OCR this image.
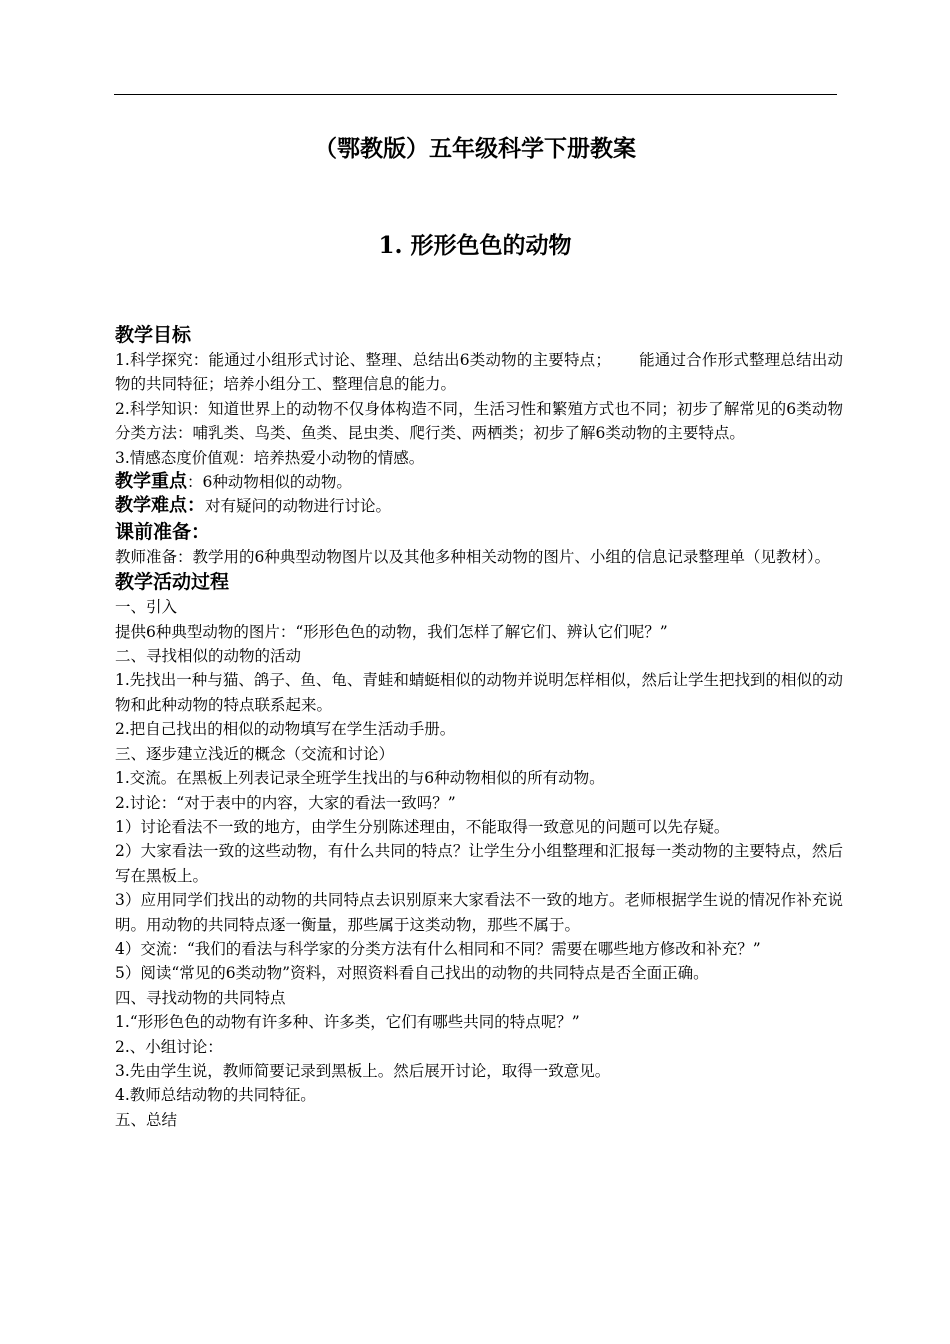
（鄂教版）五年级科学下册教案
1. 形形色色的动物
教学目标

1.科学探究：能通过小组形式讨论、整理、总结出6类动物的主要特点； 能通过合作形式整理总结出动物的共同特征；培养小组分工、整理信息的能力。

2.科学知识：知道世界上的动物不仅身体构造不同，生活习性和繁殖方式也不同；初步了解常见的6类动物分类方法：哺乳类、鸟类、鱼类、昆虫类、爬行类、两栖类；初步了解6类动物的主要特点。

3.情感态度价值观：培养热爱小动物的情感。

教学重点：6种动物相似的动物。

教学难点：对有疑问的动物进行讨论。

课前准备：

教师准备：教学用的6种典型动物图片以及其他多种相关动物的图片、小组的信息记录整理单（见教材）。

教学活动过程

一、引入

提供6种典型动物的图片：“形形色色的动物，我们怎样了解它们、辨认它们呢？”

二、寻找相似的动物的活动

1.先找出一种与猫、鸽子、鱼、龟、青蛙和蜻蜓相似的动物并说明怎样相似，然后让学生把找到的相似的动物和此种动物的特点联系起来。

2.把自己找出的相似的动物填写在学生活动手册。

三、逐步建立浅近的概念（交流和讨论）

1.交流。在黑板上列表记录全班学生找出的与6种动物相似的所有动物。

2.讨论：“对于表中的内容，大家的看法一致吗？”

1）讨论看法不一致的地方，由学生分别陈述理由，不能取得一致意见的问题可以先存疑。

2）大家看法一致的这些动物，有什么共同的特点？让学生分小组整理和汇报每一类动物的主要特点，然后写在黑板上。

3）应用同学们找出的动物的共同特点去识别原来大家看法不一致的地方。老师根据学生说的情况作补充说明。用动物的共同特点逐一衡量，那些属于这类动物，那些不属于。

4）交流：“我们的看法与科学家的分类方法有什么相同和不同？需要在哪些地方修改和补充？”

5）阅读“常见的6类动物”资料，对照资料看自己找出的动物的共同特点是否全面正确。

四、寻找动物的共同特点

1.“形形色色的动物有许多种、许多类，它们有哪些共同的特点呢？”

2.、小组讨论：

3.先由学生说，教师简要记录到黑板上。然后展开讨论，取得一致意见。

4.教师总结动物的共同特征。

五、总结
